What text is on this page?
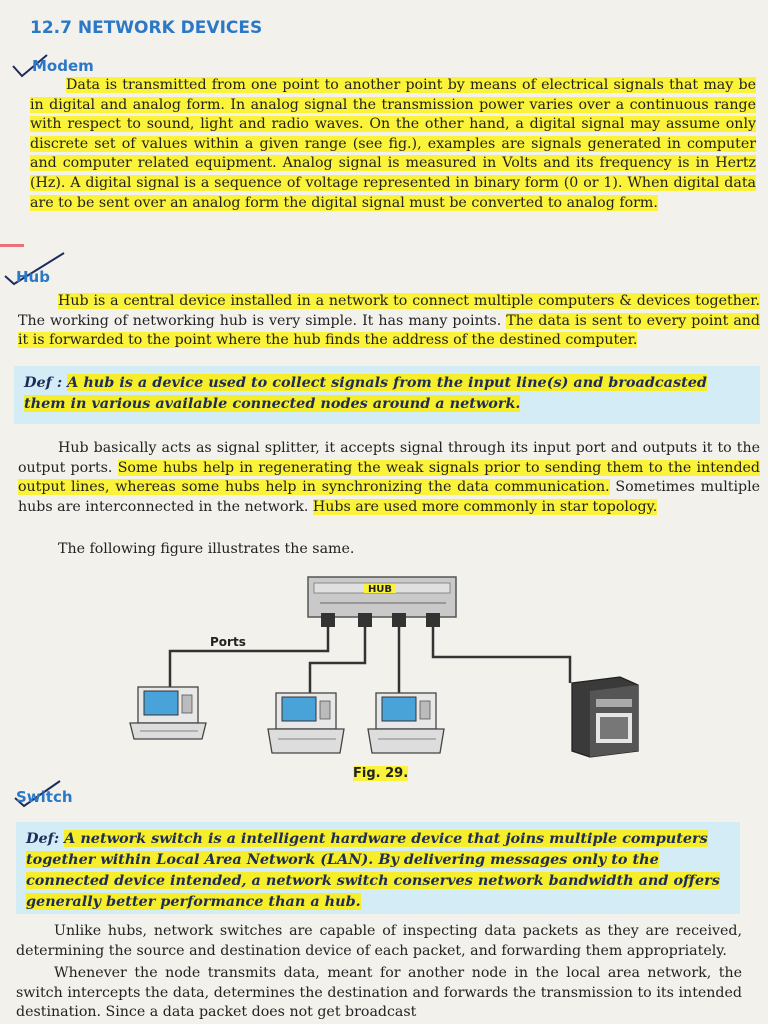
12.7 NETWORK DEVICES
Modem
Data is transmitted from one point to another point by means of electrical signals that may be in digital and analog form. In analog signal the transmission power varies over a continuous range with respect to sound, light and radio waves. On the other hand, a digital signal may assume only discrete set of values within a given range (see fig.), examples are signals generated in computer and computer related equipment. Analog signal is measured in Volts and its frequency is in Hertz (Hz). A digital signal is a sequence of voltage represented in binary form (0 or 1). When digital data are to be sent over an analog form the digital signal must be converted to analog form.
Hub
Hub is a central device installed in a network to connect multiple computers & devices together. The working of networking hub is very simple. It has many points. The data is sent to every point and it is forwarded to the point where the hub finds the address of the destined computer.
Def : A hub is a device used to collect signals from the input line(s) and broadcasted them in various available connected nodes around a network.
Hub basically acts as signal splitter, it accepts signal through its input port and outputs it to the output ports. Some hubs help in regenerating the weak signals prior to sending them to the intended output lines, whereas some hubs help in synchronizing the data communication. Sometimes multiple hubs are interconnected in the network. Hubs are used more commonly in star topology.
The following figure illustrates the same.
HUB
Ports
Fig. 29.
Switch
Def: A network switch is a intelligent hardware device that joins multiple computers together within Local Area Network (LAN). By delivering messages only to the connected device intended, a network switch conserves network bandwidth and offers generally better performance than a hub.
Unlike hubs, network switches are capable of inspecting data packets as they are received, determining the source and destination device of each packet, and forwarding them appropriately.
Whenever the node transmits data, meant for another node in the local area network, the switch intercepts the data, determines the destination and forwards the transmission to its intended destination. Since a data packet does not get broadcast
